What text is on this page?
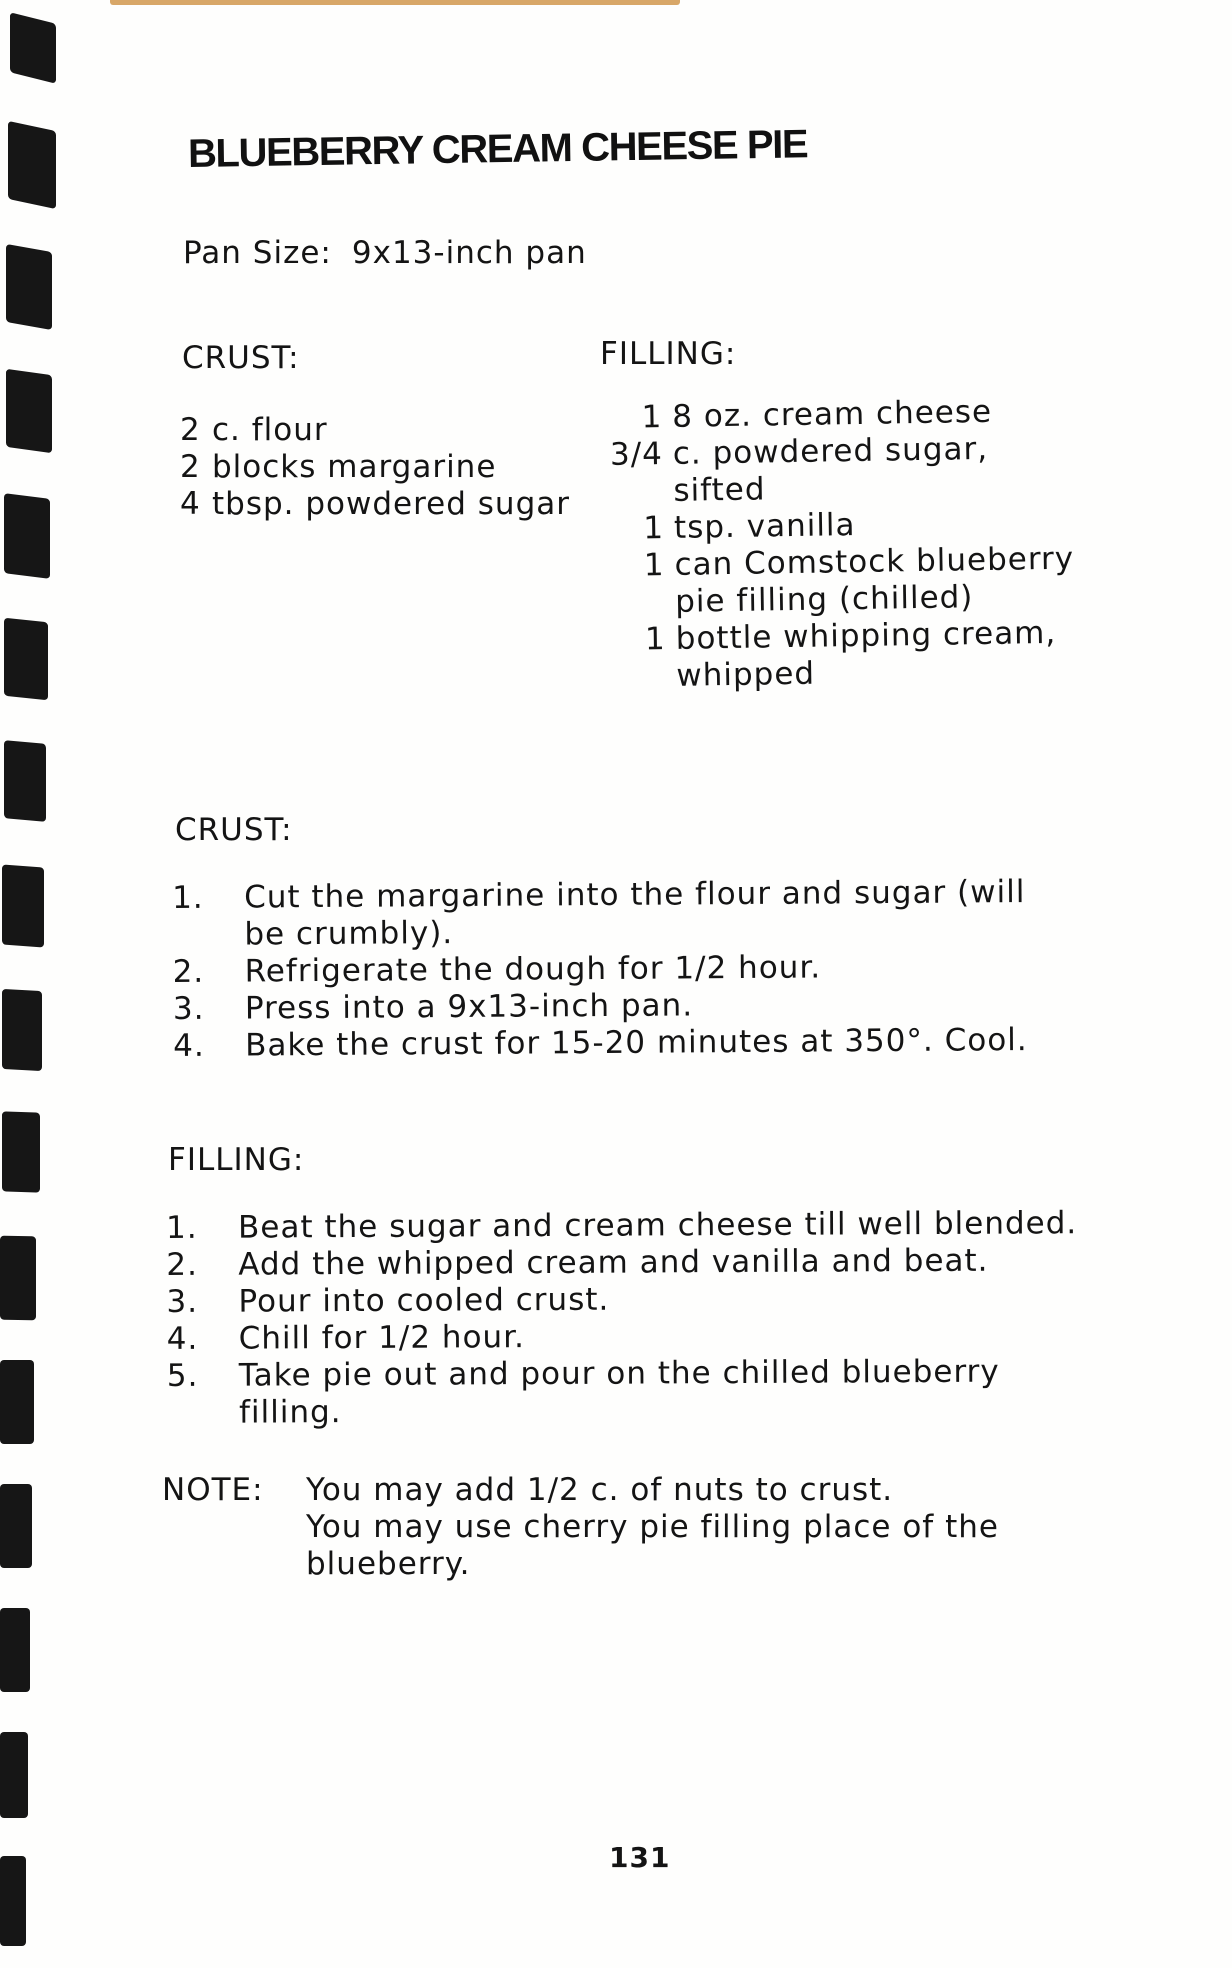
BLUEBERRY CREAM CHEESE PIE
Pan Size: 9x13-inch pan
CRUST:	FILLING:
2 c. flour
2 blocks margarine
4 tbsp. powdered sugar
1 8 oz. cream cheese
3/4 c. powdered sugar,
sifted
1 tsp. vanilla
1 can Comstock blueberry
pie filling (chilled)
1 bottle whipping cream,
whipped
CRUST:
1.	Cut the margarine into the flour and sugar (will
be crumbly).
2.	Refrigerate the dough for 1/2 hour.
3.	Press into a 9x13-inch pan.
4.	Bake the crust for 15-20 minutes at 350°. Cool.
FILLING:
1.	Beat the sugar and cream cheese till well blended.
2.	Add the whipped cream and vanilla and beat.
3.	Pour into cooled crust.
4.	Chill for 1/2 hour.
5.	Take pie out and pour on the chilled blueberry
filling.
NOTE:	You may add 1/2 c. of nuts to crust.
You may use cherry pie filling place of the
blueberry.
131
